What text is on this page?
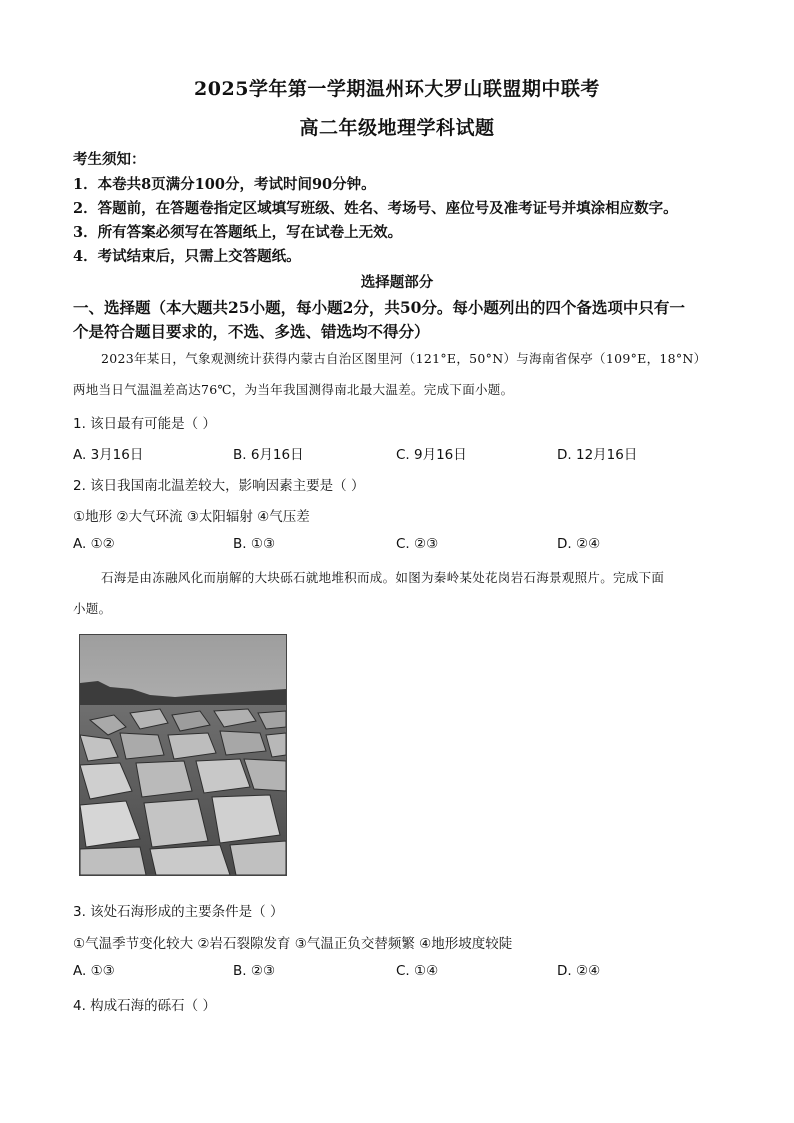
2025学年第一学期温州环大罗山联盟期中联考
高二年级地理学科试题
考生须知：
1．本卷共8页满分100分，考试时间90分钟。
2．答题前，在答题卷指定区域填写班级、姓名、考场号、座位号及准考证号并填涂相应数字。
3．所有答案必须写在答题纸上，写在试卷上无效。
4．考试结束后，只需上交答题纸。
选择题部分
一、选择题（本大题共25小题，每小题2分，共50分。每小题列出的四个备选项中只有一
个是符合题目要求的，不选、多选、错选均不得分）
2023年某日，气象观测统计获得内蒙古自治区图里河（121°E，50°N）与海南省保亭（109°E，18°N）
两地当日气温温差高达76℃，为当年我国测得南北最大温差。完成下面小题。
1. 该日最有可能是（ ）
A. 3月16日	B. 6月16日	C. 9月16日	D. 12月16日
2. 该日我国南北温差较大，影响因素主要是（ ）
①地形 ②大气环流 ③太阳辐射 ④气压差
A. ①②	B. ①③	C. ②③	D. ②④
石海是由冻融风化而崩解的大块砾石就地堆积而成。如图为秦岭某处花岗岩石海景观照片。完成下面
小题。
3. 该处石海形成的主要条件是（ ）
①气温季节变化较大 ②岩石裂隙发育 ③气温正负交替频繁 ④地形坡度较陡
A. ①③	B. ②③	C. ①④	D. ②④
4. 构成石海的砾石（ ）
